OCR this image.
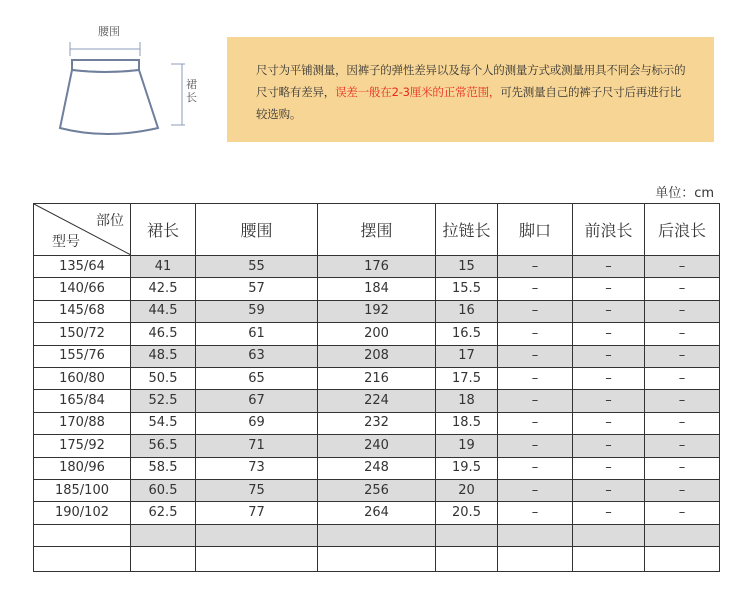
腰围
裙长
尺寸为平铺测量，因裤子的弹性差异以及每个人的测量方式或测量用具不同会与标示的尺寸略有差异，误差一般在2-3厘米的正常范围，可先测量自己的裤子尺寸后再进行比较选购。
单位：cm
部位
型号	裙长	腰围	摆围	拉链长	脚口	前浪长	后浪长
135/64	41	55	176	15	–	–	–
140/66	42.5	57	184	15.5	–	–	–
145/68	44.5	59	192	16	–	–	–
150/72	46.5	61	200	16.5	–	–	–
155/76	48.5	63	208	17	–	–	–
160/80	50.5	65	216	17.5	–	–	–
165/84	52.5	67	224	18	–	–	–
170/88	54.5	69	232	18.5	–	–	–
175/92	56.5	71	240	19	–	–	–
180/96	58.5	73	248	19.5	–	–	–
185/100	60.5	75	256	20	–	–	–
190/102	62.5	77	264	20.5	–	–	–
